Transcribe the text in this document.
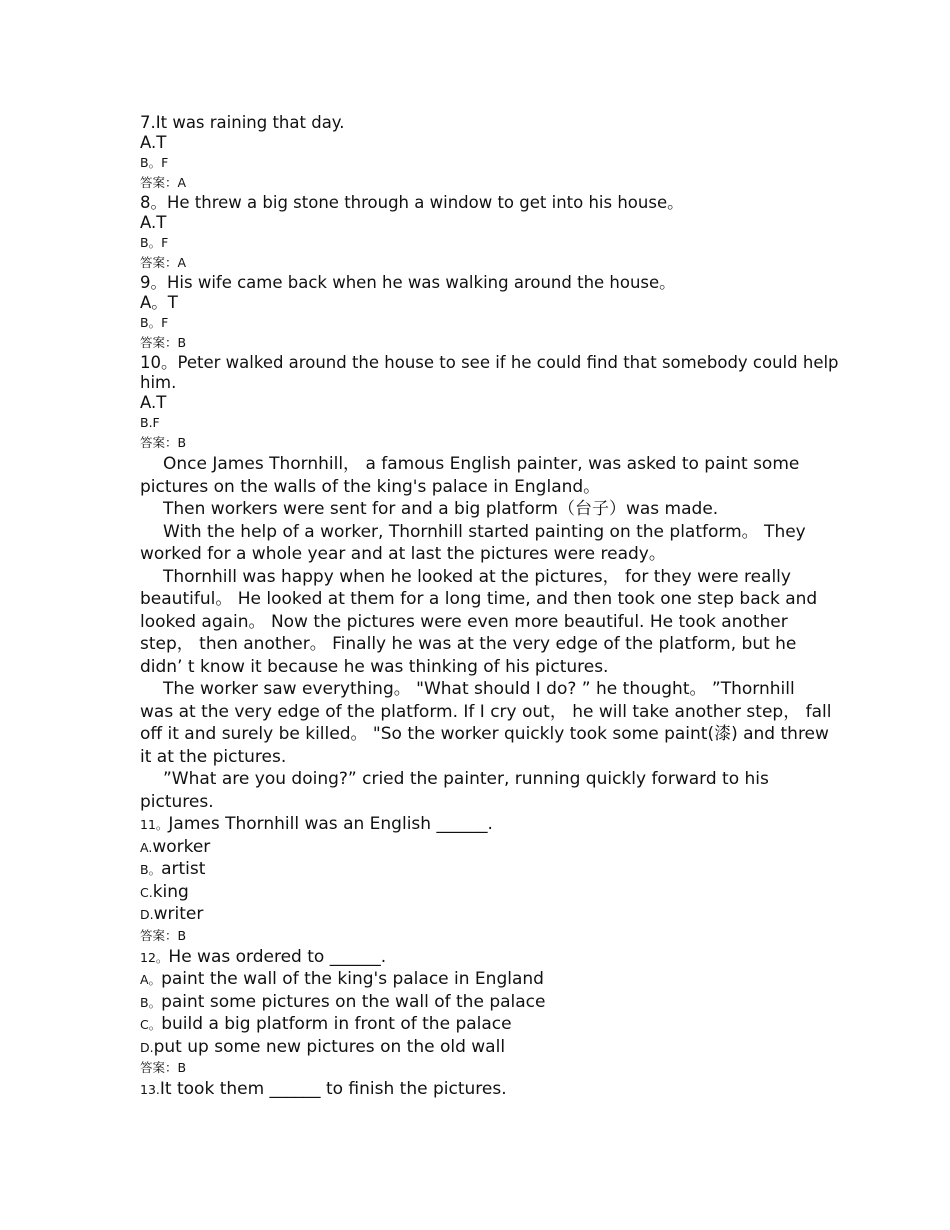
7.It was raining that day.
A.T
B。F
答案：A
8。He threw a big stone through a window to get into his house。
A.T
B。F
答案：A
9。His wife came back when he was walking around the house。
A。T
B。F
答案：B
10。Peter walked around the house to see if he could find that somebody could help
him.
A.T
B.F
答案：B
Once James Thornhill， a famous English painter, was asked to paint some
pictures on the walls of the king's palace in England。
Then workers were sent for and a big platform（台子）was made.
With the help of a worker, Thornhill started painting on the platform。 They
worked for a whole year and at last the pictures were ready。
Thornhill was happy when he looked at the pictures， for they were really
beautiful。 He looked at them for a long time, and then took one step back and
looked again。 Now the pictures were even more beautiful. He took another
step， then another。 Finally he was at the very edge of the platform, but he
didn’ t know it because he was thinking of his pictures.
The worker saw everything。 "What should I do? ” he thought。 ”Thornhill
was at the very edge of the platform. If I cry out， he will take another step， fall
off it and surely be killed。 "So the worker quickly took some paint(漆) and threw
it at the pictures.
”What are you doing?” cried the painter, running quickly forward to his
pictures.
11。James Thornhill was an English ______.
A.worker
B。artist
C.king
D.writer
答案：B
12。He was ordered to ______.
A。paint the wall of the king's palace in England
B。paint some pictures on the wall of the palace
C。build a big platform in front of the palace
D.put up some new pictures on the old wall
答案：B
13.It took them ______ to finish the pictures.
